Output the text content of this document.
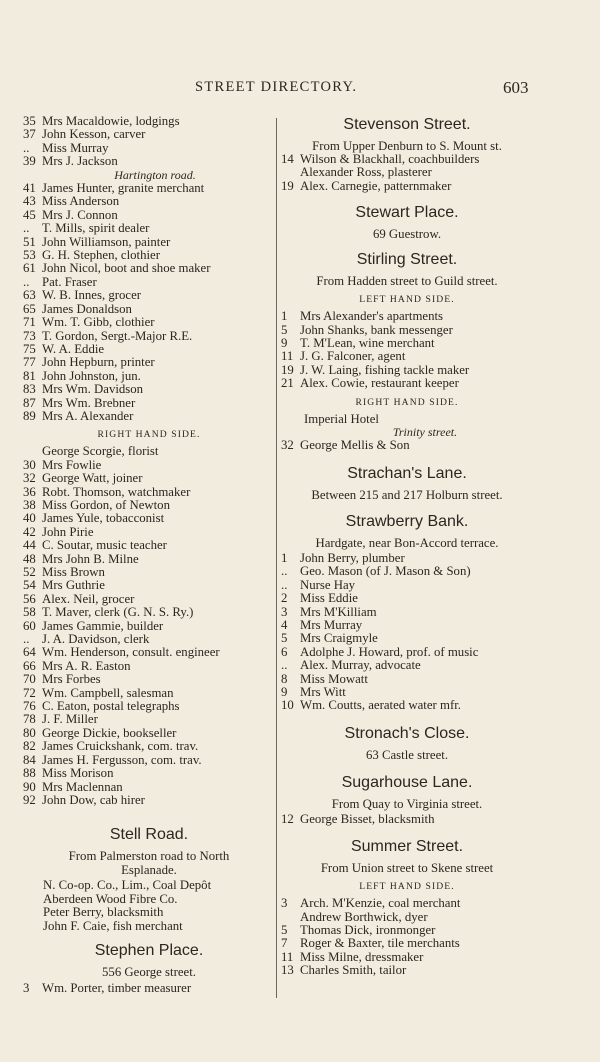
STREET DIRECTORY.	603
35 Mrs Macaldowie, lodgings
37 John Kesson, carver
.. Miss Murray
39 Mrs J. Jackson
Hartington road.
41 James Hunter, granite merchant
43 Miss Anderson
45 Mrs J. Connon
.. T. Mills, spirit dealer
51 John Williamson, painter
53 G. H. Stephen, clothier
61 John Nicol, boot and shoe maker
.. Pat. Fraser
63 W. B. Innes, grocer
65 James Donaldson
71 Wm. T. Gibb, clothier
73 T. Gordon, Sergt.-Major R.E.
75 W. A. Eddie
77 John Hepburn, printer
81 John Johnston, jun.
83 Mrs Wm. Davidson
87 Mrs Wm. Brebner
89 Mrs A. Alexander
RIGHT HAND SIDE.
George Scorgie, florist
30 Mrs Fowlie
32 George Watt, joiner
36 Robt. Thomson, watchmaker
38 Miss Gordon, of Newton
40 James Yule, tobacconist
42 John Pirie
44 C. Soutar, music teacher
48 Mrs John B. Milne
52 Miss Brown
54 Mrs Guthrie
56 Alex. Neil, grocer
58 T. Maver, clerk (G. N. S. Ry.)
60 James Gammie, builder
.. J. A. Davidson, clerk
64 Wm. Henderson, consult. engineer
66 Mrs A. R. Easton
70 Mrs Forbes
72 Wm. Campbell, salesman
76 C. Eaton, postal telegraphs
78 J. F. Miller
80 George Dickie, bookseller
82 James Cruickshank, com. trav.
84 James H. Fergusson, com. trav.
88 Miss Morison
90 Mrs Maclennan
92 John Dow, cab hirer
Stell Road.
From Palmerston road to North
Esplanade.
N. Co-op. Co., Lim., Coal Depôt
Aberdeen Wood Fibre Co.
Peter Berry, blacksmith
John F. Caie, fish merchant
Stephen Place.
556 George street.
3 Wm. Porter, timber measurer
Stevenson Street.
From Upper Denburn to S. Mount st.
14 Wilson & Blackhall, coachbuilders
Alexander Ross, plasterer
19 Alex. Carnegie, patternmaker
Stewart Place.
69 Guestrow.
Stirling Street.
From Hadden street to Guild street.
LEFT HAND SIDE.
1 Mrs Alexander's apartments
5 John Shanks, bank messenger
9 T. M'Lean, wine merchant
11 J. G. Falconer, agent
19 J. W. Laing, fishing tackle maker
21 Alex. Cowie, restaurant keeper
RIGHT HAND SIDE.
Imperial Hotel
Trinity street.
32 George Mellis & Son
Strachan's Lane.
Between 215 and 217 Holburn street.
Strawberry Bank.
Hardgate, near Bon-Accord terrace.
1 John Berry, plumber
.. Geo. Mason (of J. Mason & Son)
.. Nurse Hay
2 Miss Eddie
3 Mrs M'Killiam
4 Mrs Murray
5 Mrs Craigmyle
6 Adolphe J. Howard, prof. of music
.. Alex. Murray, advocate
8 Miss Mowatt
9 Mrs Witt
10 Wm. Coutts, aerated water mfr.
Stronach's Close.
63 Castle street.
Sugarhouse Lane.
From Quay to Virginia street.
12 George Bisset, blacksmith
Summer Street.
From Union street to Skene street
LEFT HAND SIDE.
3 Arch. M'Kenzie, coal merchant
Andrew Borthwick, dyer
5 Thomas Dick, ironmonger
7 Roger & Baxter, tile merchants
11 Miss Milne, dressmaker
13 Charles Smith, tailor
